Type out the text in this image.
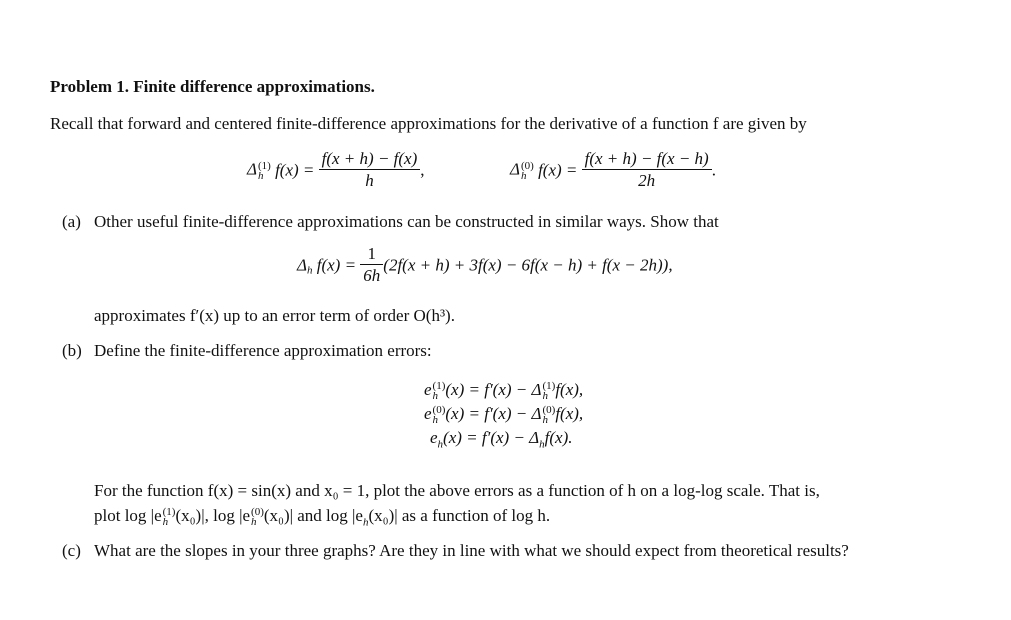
Problem 1. Finite difference approximations.
Recall that forward and centered finite-difference approximations for the derivative of a function f are given by
Δ (1)
h $f(x) = \frac{f(x + h) - f(x)}{h}$ ,	Δ (0)
h $f(x) = \frac{f(x + h) - f(x - h)}{2h}$ .
(a) Other useful finite-difference approximations can be constructed in similar ways. Show that
$\Delta_h$ $f(x) = \frac{1}{6h} (2f(x + h) + 3f(x) - 6f(x - h) + f(x - 2h))$,
approximates f′(x) up to an error term of order O(h³).
(b) Define the finite-difference approximation errors:
e (1)
h (x) = f′(x) − Δ (1)
h f(x),
e (0)
h (x) = f′(x) − Δ (0)
h f(x),
$e_h(x) = f'(x) - \Delta_hf(x)$.
For the function f(x) = sin(x) and x₀ = 1, plot the above errors as a function of h on a log-log scale. That is,
plot log |e (1)
h (x₀)|, log |e (0)
h (x₀)| and $\log |e_h(x_0)|$ as a function of log h.
(c) What are the slopes in your three graphs? Are they in line with what we should expect from theoretical results?
